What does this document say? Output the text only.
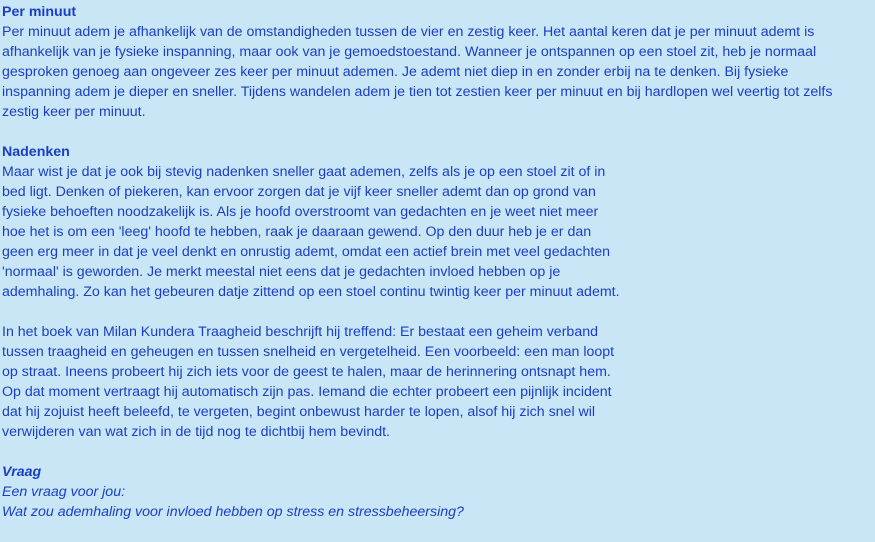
Per minuut

Per minuut adem je afhankelijk van de omstandigheden tussen de vier en zestig keer. Het aantal keren dat je per minuut ademt is
afhankelijk van je fysieke inspanning, maar ook van je gemoedstoestand. Wanneer je ontspannen op een stoel zit, heb je normaal
gesproken genoeg aan ongeveer zes keer per minuut ademen. Je ademt niet diep in en zonder erbij na te denken. Bij fysieke
inspanning adem je dieper en sneller. Tijdens wandelen adem je tien tot zestien keer per minuut en bij hardlopen wel veertig tot zelfs
zestig keer per minuut.

Nadenken

Maar wist je dat je ook bij stevig nadenken sneller gaat ademen, zelfs als je op een stoel zit of in
bed ligt. Denken of piekeren, kan ervoor zorgen dat je vijf keer sneller ademt dan op grond van
fysieke behoeften noodzakelijk is. Als je hoofd overstroomt van gedachten en je weet niet meer
hoe het is om een 'leeg' hoofd te hebben, raak je daaraan gewend. Op den duur heb je er dan
geen erg meer in dat je veel denkt en onrustig ademt, omdat een actief brein met veel gedachten
'normaal' is geworden. Je merkt meestal niet eens dat je gedachten invloed hebben op je
ademhaling. Zo kan het gebeuren datje zittend op een stoel continu twintig keer per minuut ademt.

In het boek van Milan Kundera Traagheid beschrijft hij treffend: Er bestaat een geheim verband
tussen traagheid en geheugen en tussen snelheid en vergetelheid. Een voorbeeld: een man loopt
op straat. Ineens probeert hij zich iets voor de geest te halen, maar de herinnering ontsnapt hem.
Op dat moment vertraagt hij automatisch zijn pas. Iemand die echter probeert een pijnlijk incident
dat hij zojuist heeft beleefd, te vergeten, begint onbewust harder te lopen, alsof hij zich snel wil
verwijderen van wat zich in de tijd nog te dichtbij hem bevindt.

Vraag

Een vraag voor jou:
Wat zou ademhaling voor invloed hebben op stress en stressbeheersing?
